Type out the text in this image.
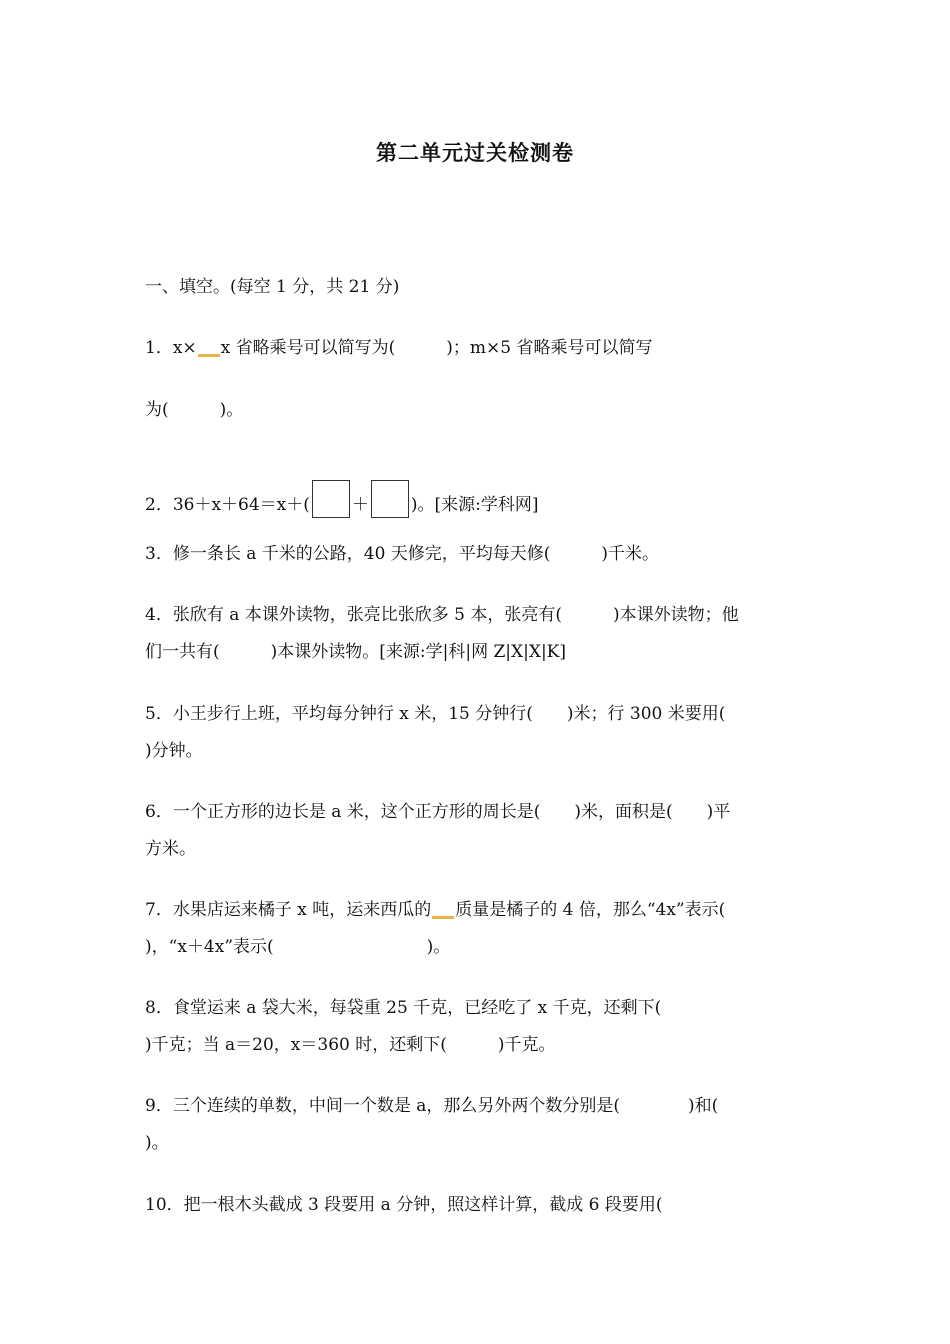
第二单元过关检测卷
一、填空。(每空 1 分，共 21 分)
1．x× x 省略乘号可以简写为(　　　)；m×5 省略乘号可以简写
为(　　　)。
2．36＋x＋64＝x＋( ＋ )。[来源:学科网]
3．修一条长 a 千米的公路，40 天修完，平均每天修(　　　)千米。
4．张欣有 a 本课外读物，张亮比张欣多 5 本，张亮有(　　　)本课外读物；他
们一共有(　　　)本课外读物。[来源:学|科|网 Z|X|X|K]
5．小王步行上班，平均每分钟行 x 米，15 分钟行(　　)米；行 300 米要用(
)分钟。
6．一个正方形的边长是 a 米，这个正方形的周长是(　　)米，面积是(　　)平
方米。
7．水果店运来橘子 x 吨，运来西瓜的 质量是橘子的 4 倍，那么“4x”表示(
)，“x＋4x”表示(　　　　　　　　　)。
8．食堂运来 a 袋大米，每袋重 25 千克，已经吃了 x 千克，还剩下(
)千克；当 a＝20，x＝360 时，还剩下(　　　)千克。
9．三个连续的单数，中间一个数是 a，那么另外两个数分别是(　　　　)和(
)。
10．把一根木头截成 3 段要用 a 分钟，照这样计算，截成 6 段要用(
